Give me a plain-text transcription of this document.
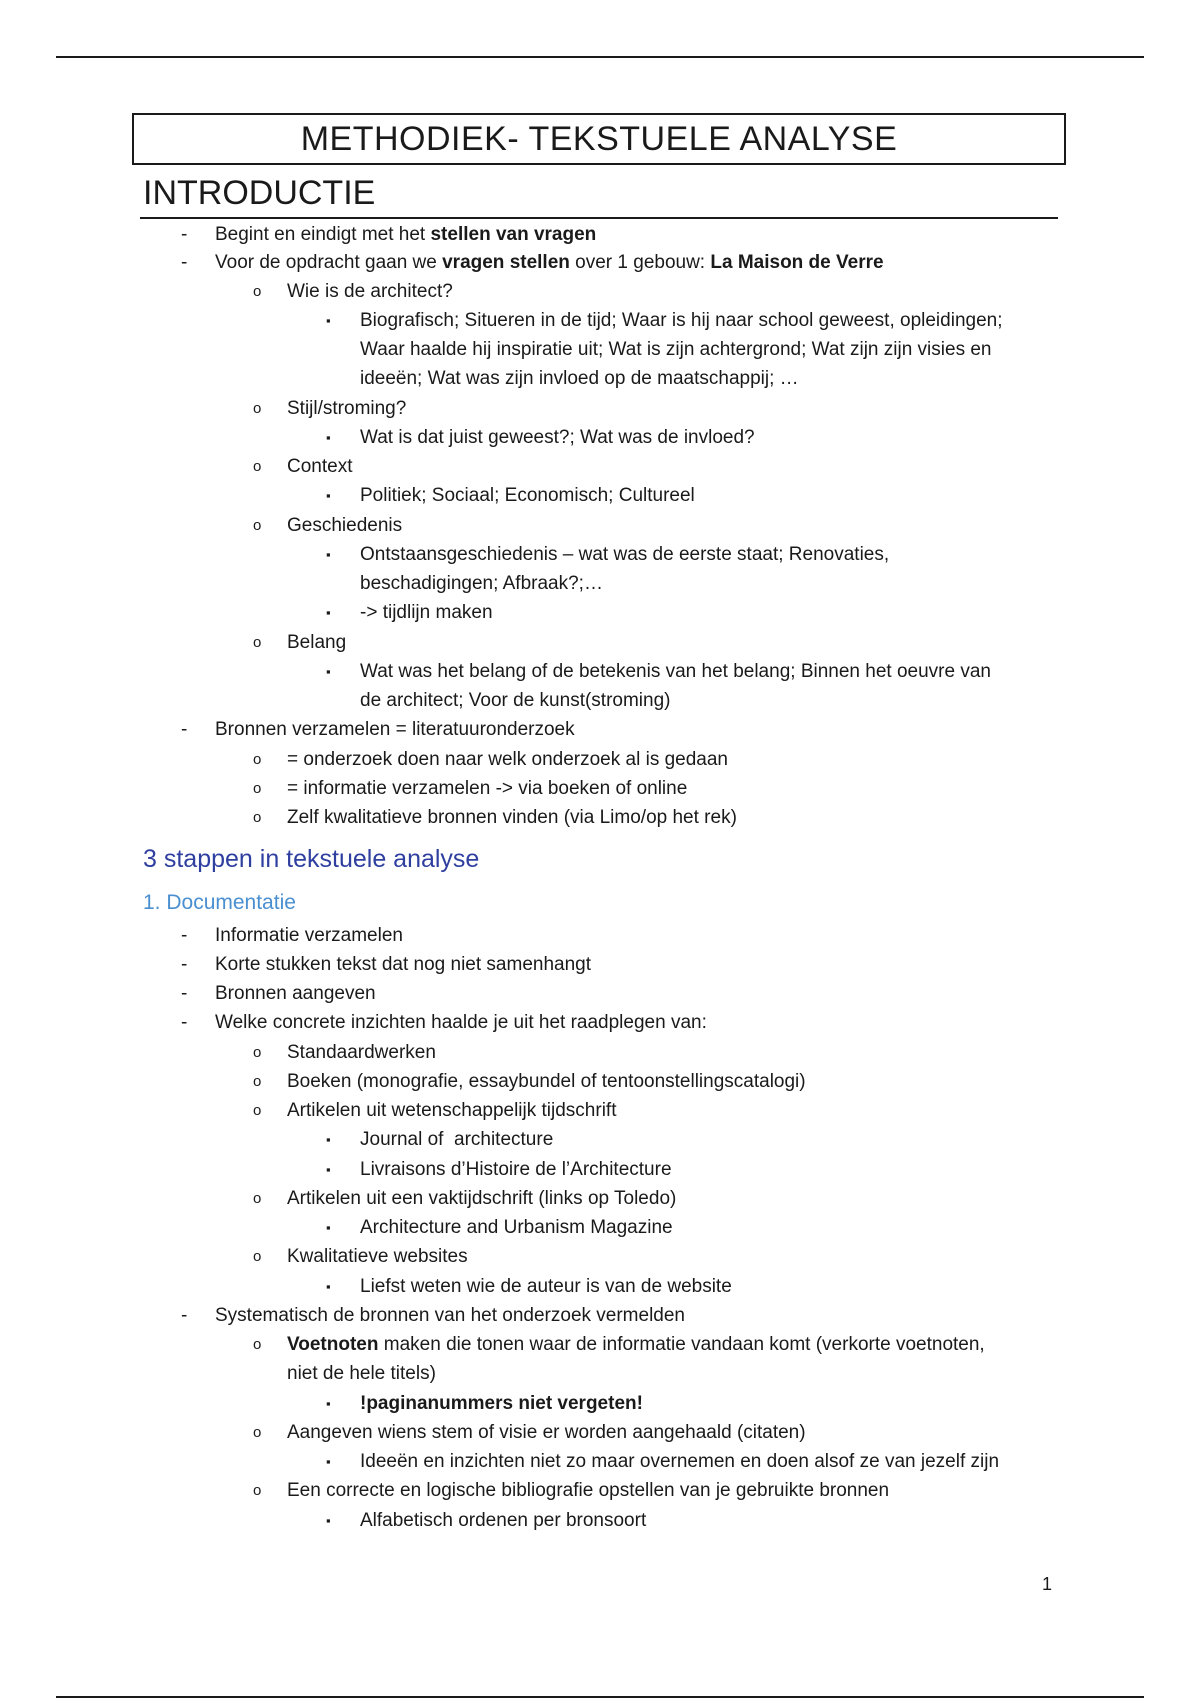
METHODIEK- TEKSTUELE ANALYSE
INTRODUCTIE
- Begint en eindigt met het stellen van vragen
- Voor de opdracht gaan we vragen stellen over 1 gebouw: La Maison de Verre
o Wie is de architect?
▪ Biografisch; Situeren in de tijd; Waar is hij naar school geweest, opleidingen;
Waar haalde hij inspiratie uit; Wat is zijn achtergrond; Wat zijn zijn visies en
ideeën; Wat was zijn invloed op de maatschappij; …
o Stijl/stroming?
▪ Wat is dat juist geweest?; Wat was de invloed?
o Context
▪ Politiek; Sociaal; Economisch; Cultureel
o Geschiedenis
▪ Ontstaansgeschiedenis – wat was de eerste staat; Renovaties,
beschadigingen; Afbraak?;…
▪ -> tijdlijn maken
o Belang
▪ Wat was het belang of de betekenis van het belang; Binnen het oeuvre van
de architect; Voor de kunst(stroming)
- Bronnen verzamelen = literatuuronderzoek
o = onderzoek doen naar welk onderzoek al is gedaan
o = informatie verzamelen -> via boeken of online
o Zelf kwalitatieve bronnen vinden (via Limo/op het rek)
3 stappen in tekstuele analyse
1. Documentatie
- Informatie verzamelen
- Korte stukken tekst dat nog niet samenhangt
- Bronnen aangeven
- Welke concrete inzichten haalde je uit het raadplegen van:
o Standaardwerken
o Boeken (monografie, essaybundel of tentoonstellingscatalogi)
o Artikelen uit wetenschappelijk tijdschrift
▪ Journal of  architecture
▪ Livraisons d’Histoire de l’Architecture
o Artikelen uit een vaktijdschrift (links op Toledo)
▪ Architecture and Urbanism Magazine
o Kwalitatieve websites
▪ Liefst weten wie de auteur is van de website
- Systematisch de bronnen van het onderzoek vermelden
o Voetnoten maken die tonen waar de informatie vandaan komt (verkorte voetnoten,
niet de hele titels)
▪ !paginanummers niet vergeten!
o Aangeven wiens stem of visie er worden aangehaald (citaten)
▪ Ideeën en inzichten niet zo maar overnemen en doen alsof ze van jezelf zijn
o Een correcte en logische bibliografie opstellen van je gebruikte bronnen
▪ Alfabetisch ordenen per bronsoort
1
